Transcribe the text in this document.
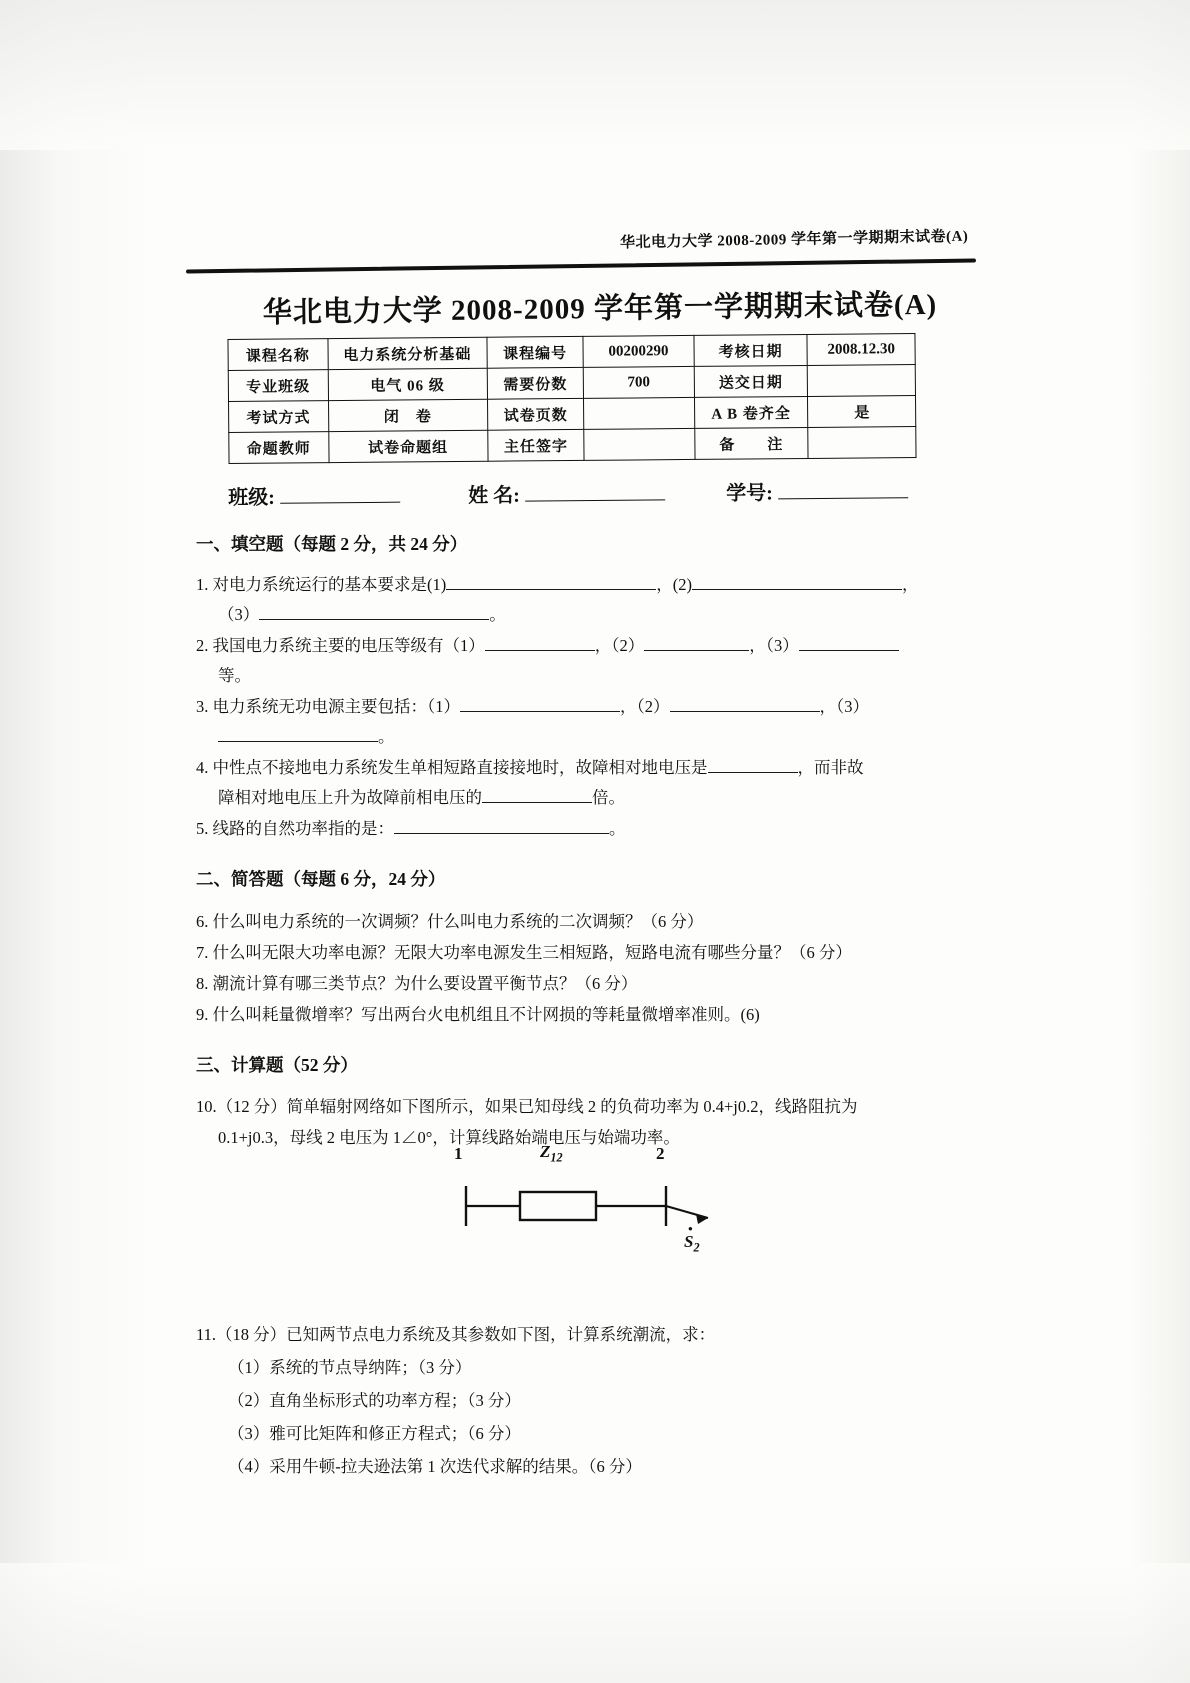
华北电力大学 2008-2009 学年第一学期期末试卷(A)
华北电力大学 2008-2009 学年第一学期期末试卷(A)
课程名称	电力系统分析基础	课程编号	00200290	考核日期	2008.12.30
专业班级	电气 06 级	需要份数	700	送交日期	
考试方式	闭　卷	试卷页数		A B 卷齐全	是
命题教师	试卷命题组	主任签字		备　　注	
班级:	姓 名:	学号:
一、填空题（每题 2 分，共 24 分）
1. 对电力系统运行的基本要求是(1)	，(2)	，
（3）	。
2. 我国电力系统主要的电压等级有（1）	，（2）	，（3）
等。
3. 电力系统无功电源主要包括：（1）	，（2）	，（3）
。
4. 中性点不接地电力系统发生单相短路直接接地时，故障相对地电压是	，而非故
障相对地电压上升为故障前相电压的	倍。
5. 线路的自然功率指的是：	。
二、简答题（每题 6 分，24 分）
6. 什么叫电力系统的一次调频？什么叫电力系统的二次调频？（6 分）
7. 什么叫无限大功率电源？无限大功率电源发生三相短路，短路电流有哪些分量？（6 分）
8. 潮流计算有哪三类节点？为什么要设置平衡节点？（6 分）
9. 什么叫耗量微增率？写出两台火电机组且不计网损的等耗量微增率准则。(6)
三、计算题（52 分）
10.（12 分）简单辐射网络如下图所示，如果已知母线 2 的负荷功率为 0.4+j0.2，线路阻抗为
0.1+j0.3，母线 2 电压为 1∠0°，计算线路始端电压与始端功率。
1	2
$Z_{12}$
•
$S_2$
11.（18 分）已知两节点电力系统及其参数如下图，计算系统潮流，求：
（1）系统的节点导纳阵；（3 分）
（2）直角坐标形式的功率方程；（3 分）
（3）雅可比矩阵和修正方程式；（6 分）
（4）采用牛顿-拉夫逊法第 1 次迭代求解的结果。（6 分）
